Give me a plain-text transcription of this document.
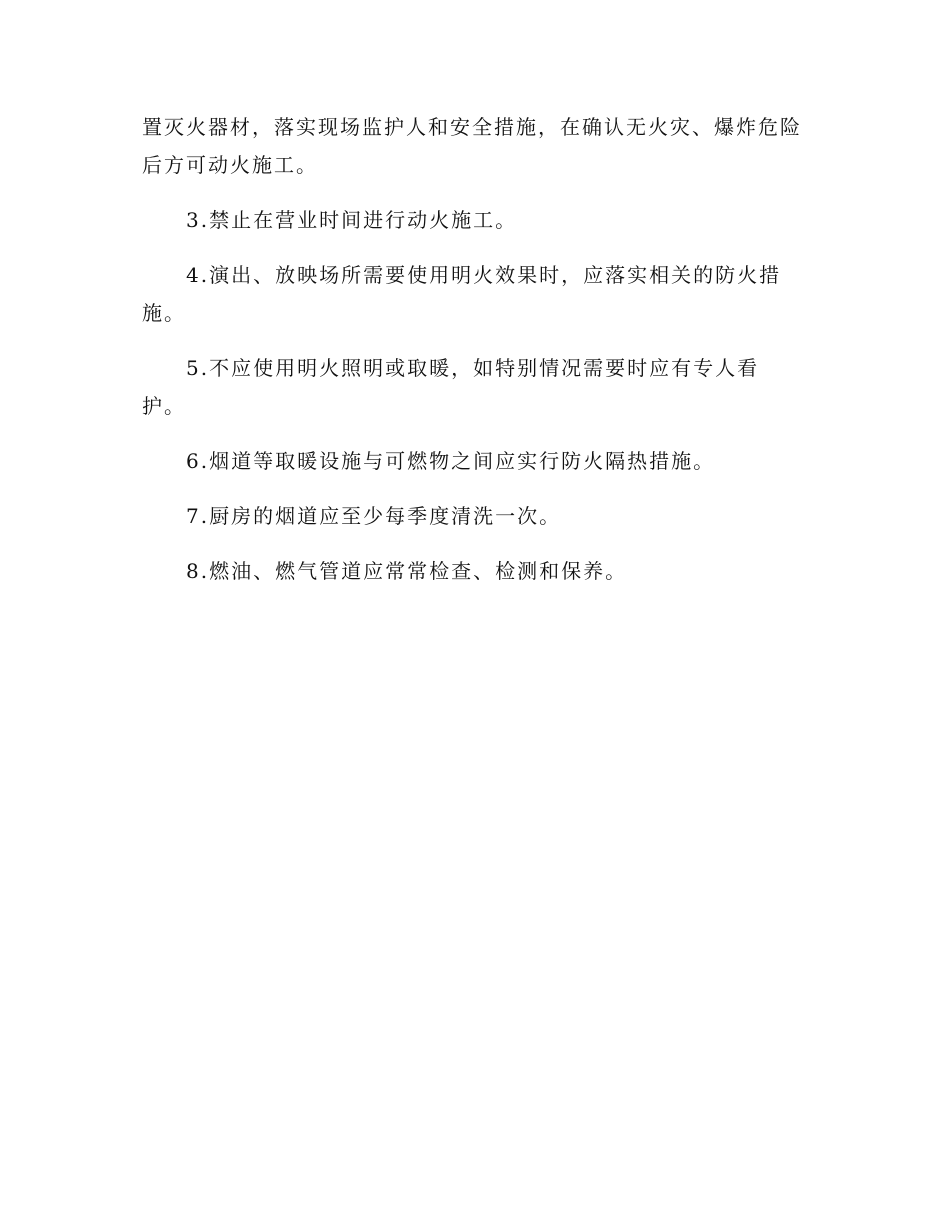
置灭火器材，落实现场监护人和安全措施，在确认无火灾、爆炸危险
后方可动火施工。

3.禁止在营业时间进行动火施工。

4.演出、放映场所需要使用明火效果时，应落实相关的防火措
施。

5.不应使用明火照明或取暖，如特别情况需要时应有专人看护。

6.烟道等取暖设施与可燃物之间应实行防火隔热措施。

7.厨房的烟道应至少每季度清洗一次。

8.燃油、燃气管道应常常检查、检测和保养。
